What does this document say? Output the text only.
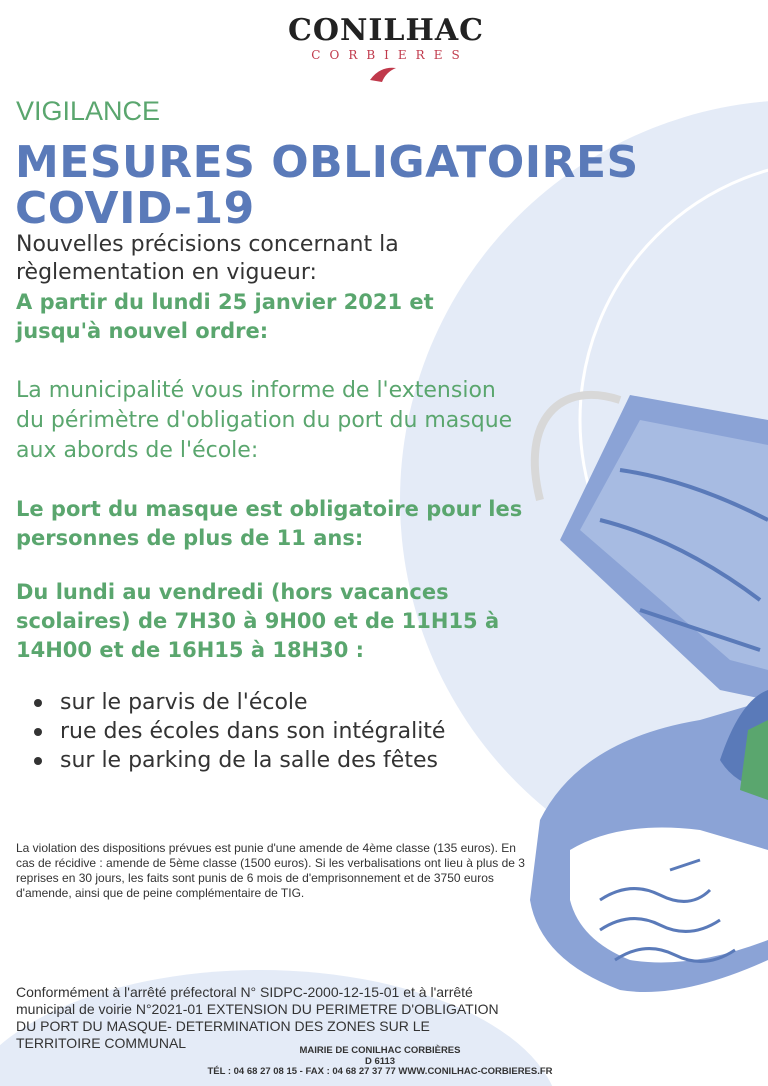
CONILHAC
CORBIERES
VIGILANCE
MESURES OBLIGATOIRES
COVID-19
Nouvelles précisions concernant la règlementation en vigueur:
A partir du lundi 25 janvier 2021 et jusqu'à nouvel ordre:
La municipalité vous informe de l'extension du périmètre d'obligation du port du masque aux abords de l'école:
Le port du masque est obligatoire pour les personnes de plus de 11 ans:
Du lundi au vendredi (hors vacances scolaires) de 7H30 à 9H00 et de 11H15 à 14H00 et de 16H15 à 18H30 :
sur le parvis de l'école
rue des écoles dans son intégralité
sur le parking de la salle des fêtes
La violation des dispositions prévues est punie d'une amende de 4ème classe (135 euros). En cas de récidive : amende de 5ème classe (1500 euros). Si les verbalisations ont lieu à plus de 3 reprises en 30 jours, les faits sont punis de 6 mois de d'emprisonnement et de 3750 euros d'amende, ainsi que de peine complémentaire de TIG.
Conformément à l'arrêté préfectoral N° SIDPC-2000-12-15-01 et à l'arrêté municipal de voirie N°2021-01 EXTENSION DU PERIMETRE D'OBLIGATION DU PORT DU MASQUE- DETERMINATION DES ZONES SUR LE TERRITOIRE COMMUNAL	MAIRIE DE CONILHAC CORBIÈRES
D 6113
TÉL : 04 68 27 08 15 - FAX : 04 68 27 37 77 WWW.CONILHAC-CORBIERES.FR
